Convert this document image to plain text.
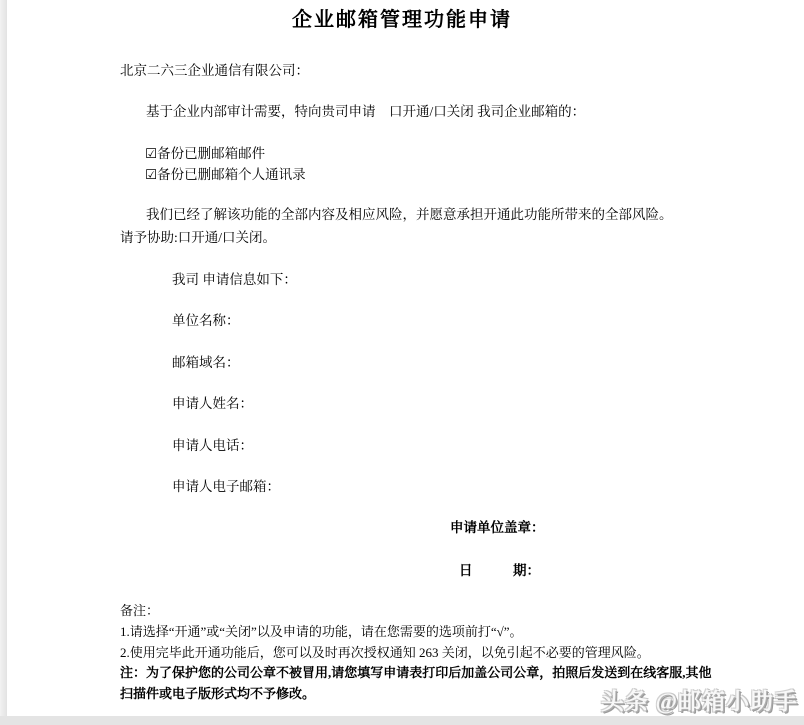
企业邮箱管理功能申请
北京二六三企业通信有限公司：
基于企业内部审计需要，特向贵司申请　口开通/口关闭 我司企业邮箱的：
☑备份已删邮箱邮件
☑备份已删邮箱个人通讯录
我们已经了解该功能的全部内容及相应风险，并愿意承担开通此功能所带来的全部风险。
请予协助:口开通/口关闭。
我司 申请信息如下：
单位名称：
邮箱域名：
申请人姓名：
申请人电话：
申请人电子邮箱：
申请单位盖章：
日　　　期：
备注：
1.请选择“开通”或“关闭”以及申请的功能，请在您需要的选项前打“√”。
2.使用完毕此开通功能后，您可以及时再次授权通知 263 关闭，以免引起不必要的管理风险。
注：为了保护您的公司公章不被冒用,请您填写申请表打印后加盖公司公章，拍照后发送到在线客服,其他
扫描件或电子版形式均不予修改。	头条 @邮箱小助手
